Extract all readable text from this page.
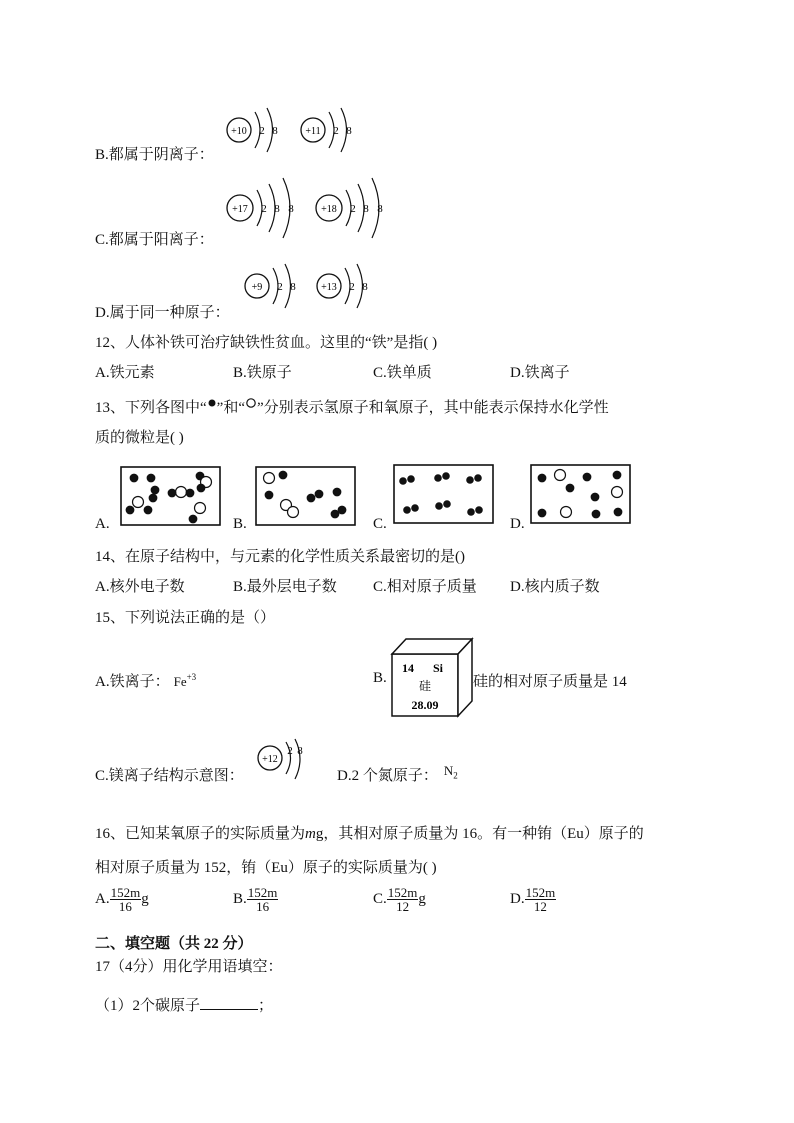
B.都属于阴离子：
+10 2 8	+11 2 8
C.都属于阳离子：
+17 2 8 8	+18 2 8 8
D.属于同一种原子：
+9 2 8	+13 2 8
12、人体补铁可治疗缺铁性贫血。这里的“铁”是指( )
A.铁元素	B.铁原子	C.铁单质	D.铁离子
13、下列各图中“ ”和“ ”分别表示氢原子和氧原子，其中能表示保持水化学性
质的微粒是( )
A.	B.	C.	D.
14、在原子结构中，与元素的化学性质关系最密切的是()
A.核外电子数	B.最外层电子数 C.相对原子质量 D.核内质子数
15、下列说法正确的是（）
A.铁离子： $Fe^{+3}$	B.
14 Si
硅
28.09
硅的相对原子质量是 14
C.镁离子结构示意图：
+12
2 8
D.2 个氮原子： $N_2$
16、已知某氧原子的实际质量为mg，其相对原子质量为 16。有一种铕（Eu）原子的
相对原子质量为 152，铕（Eu）原子的实际质量为( )
A. $\frac{152m}{16}$ g	B. $\frac{152m}{16}$	C. $\frac{152m}{12}$ g	D. $\frac{152m}{12}$
二、填空题（共 22 分）
17（4分）用化学用语填空：
（1）2个碳原子	；
